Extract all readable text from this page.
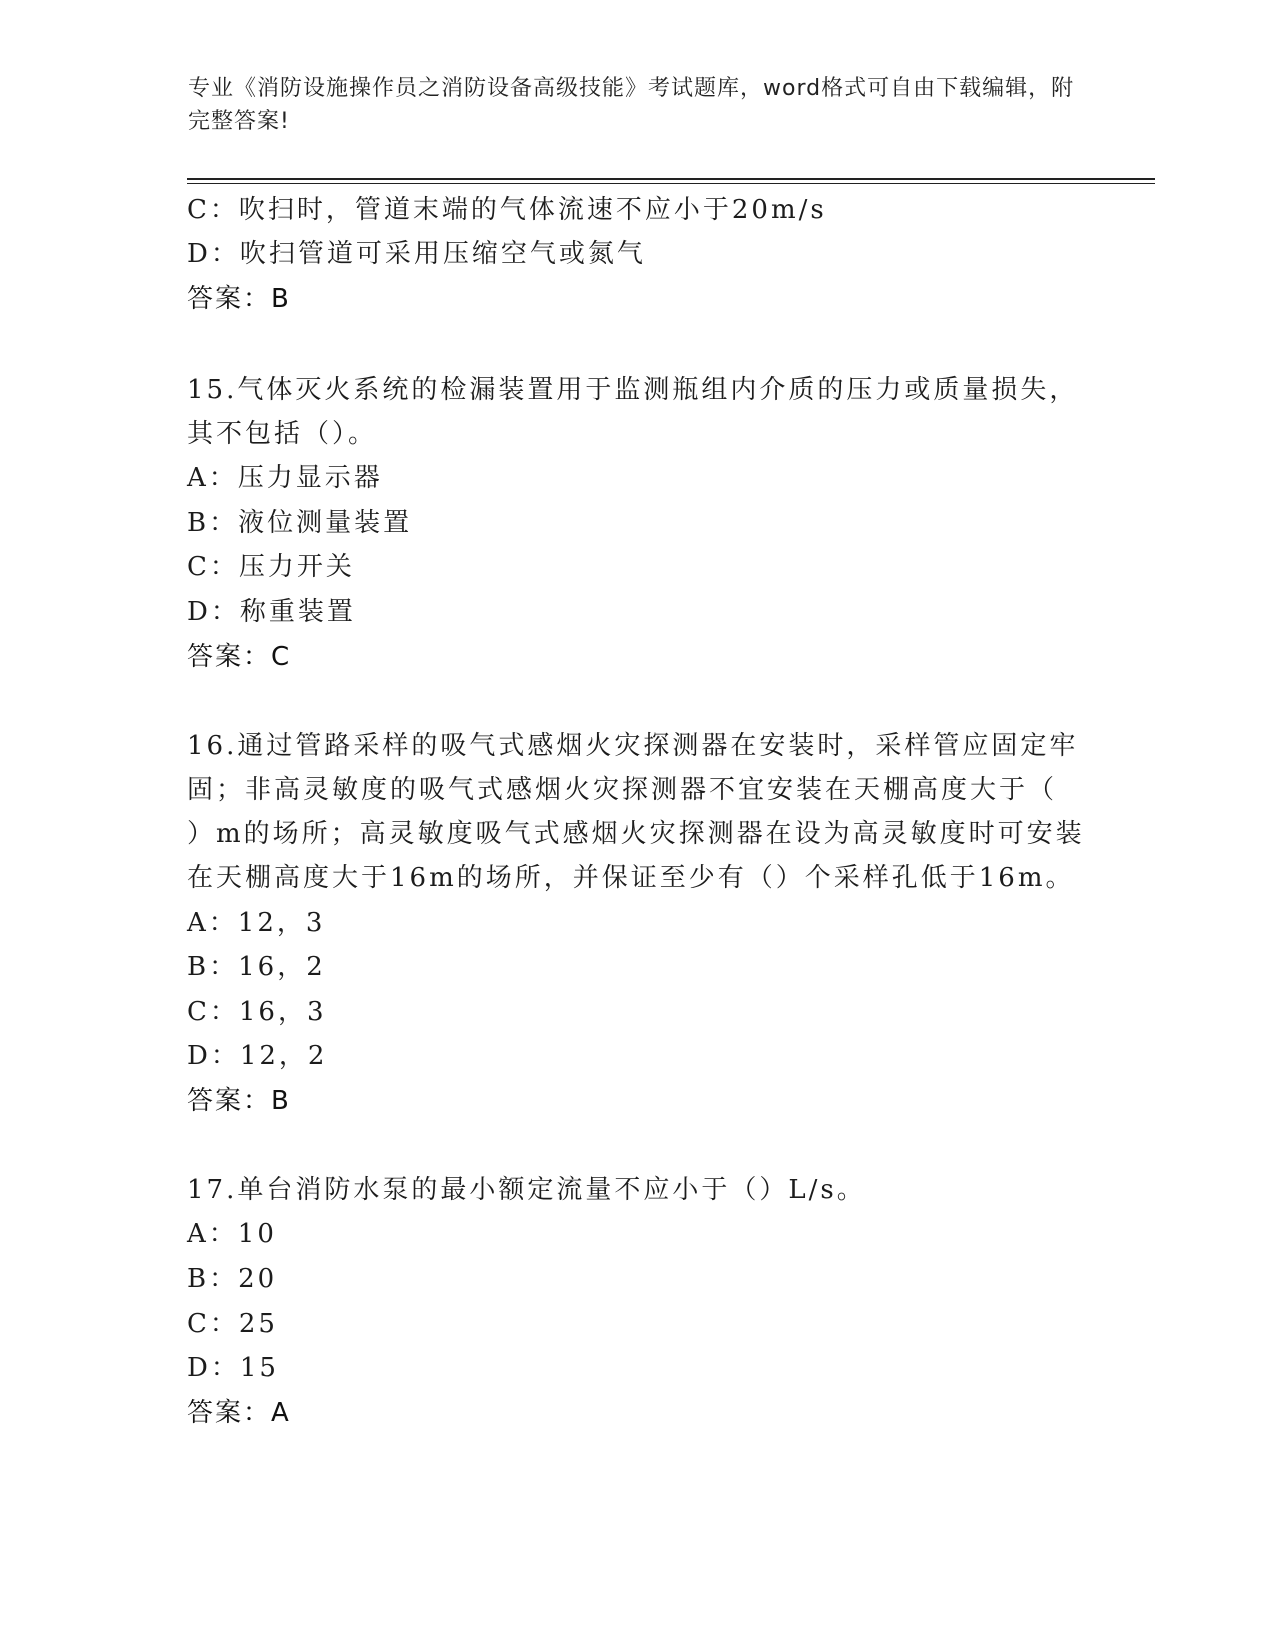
专业《消防设施操作员之消防设备高级技能》考试题库，word格式可自由下载编辑，附完整答案!
C：吹扫时，管道末端的气体流速不应小于20m/s
D：吹扫管道可采用压缩空气或氮气
答案：B
15.气体灭火系统的检漏装置用于监测瓶组内介质的压力或质量损失，
其不包括（）。
A：压力显示器
B：液位测量装置
C：压力开关
D：称重装置
答案：C
16.通过管路采样的吸气式感烟火灾探测器在安装时，采样管应固定牢
固；非高灵敏度的吸气式感烟火灾探测器不宜安装在天棚高度大于（
）m的场所；高灵敏度吸气式感烟火灾探测器在设为高灵敏度时可安装
在天棚高度大于16m的场所，并保证至少有（）个采样孔低于16m。
A：12，3
B：16，2
C：16，3
D：12，2
答案：B
17.单台消防水泵的最小额定流量不应小于（）L/s。
A：10
B：20
C：25
D：15
答案：A
